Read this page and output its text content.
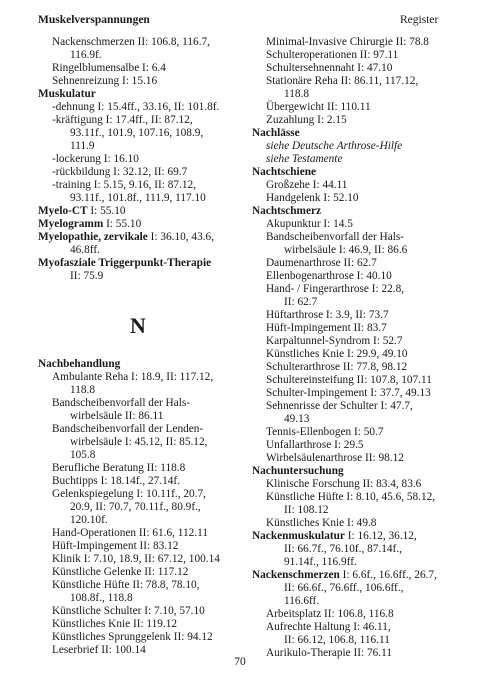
Muskelverspannungen	Register
Nackenschmerzen II: 106.8, 116.7,
116.9f.
Ringelblumensalbe I: 6.4
Sehnenreizung I: 15.16
Muskulatur
-dehnung I: 15.4ff., 33.16, II: 101.8f.
-kräftigung I: 17.4ff., II: 87.12,
93.11f., 101.9, 107.16, 108.9,
111.9
-lockerung I: 16.10
-rückbildung I: 32.12, II: 69.7
-training I: 5.15, 9.16, II: 87.12,
93.11f., 101.8f., 111.9, 117.10
Myelo-CT I: 55.10
Myelogramm I: 55.10
Myelopathie, zervikale I: 36.10, 43.6,
46.8ff.
Myofasziale Triggerpunkt-Therapie
II: 75.9
N
Nachbehandlung
Ambulante Reha I: 18.9, II: 117.12,
118.8
Bandscheibenvorfall der Hals-
wirbelsäule II: 86.11
Bandscheibenvorfall der Lenden-
wirbelsäule I: 45.12, II: 85.12,
105.8
Berufliche Beratung II: 118.8
Buchtipps I: 18.14f., 27.14f.
Gelenkspiegelung I: 10.11f., 20.7,
20.9, II: 70.7, 70.11f., 80.9f.,
120.10f.
Hand-Operationen II: 61.6, 112.11
Hüft-Impingement II: 83.12
Klinik I: 7.10, 18.9, II: 67.12, 100.14
Künstliche Gelenke II: 117.12
Künstliche Hüfte II: 78.8, 78.10,
108.8f., 118.8
Künstliche Schulter I: 7.10, 57.10
Künstliches Knie II: 119.12
Künstliches Sprunggelenk II: 94.12
Leserbrief II: 100.14
Minimal-Invasive Chirurgie II: 78.8
Schulteroperationen II: 97.11
Schultersehnennaht I: 47.10
Stationäre Reha II: 86.11, 117.12,
118.8
Übergewicht II: 110.11
Zuzahlung I: 2.15
Nachlässe
siehe Deutsche Arthrose-Hilfe
siehe Testamente
Nachtschiene
Großzehe I: 44.11
Handgelenk I: 52.10
Nachtschmerz
Akupunktur I: 14.5
Bandscheibenvorfall der Hals-
wirbelsäule I: 46.9, II: 86.6
Daumenarthrose II: 62.7
Ellenbogenarthrose I: 40.10
Hand- / Fingerarthrose I: 22.8,
II: 62.7
Hüftarthrose I: 3.9, II: 73.7
Hüft-Impingement II: 83.7
Karpaltunnel-Syndrom I: 52.7
Künstliches Knie I: 29.9, 49.10
Schulterarthrose II: 77.8, 98.12
Schultereinsteifung II: 107.8, 107.11
Schulter-Impingement I: 37.7, 49.13
Sehnenrisse der Schulter I: 47.7,
49.13
Tennis-Ellenbogen I: 50.7
Unfallarthrose I: 29.5
Wirbelsäulenarthrose II: 98.12
Nachuntersuchung
Klinische Forschung II: 83.4, 83.6
Künstliche Hüfte I: 8.10, 45.6, 58.12,
II: 108.12
Künstliches Knie I: 49.8
Nackenmuskulatur I: 16.12, 36.12,
II: 66.7f., 76.10f., 87.14f.,
91.14f., 116.9ff.
Nackenschmerzen I: 6.6f., 16.6ff., 26.7,
II: 66.6f., 76.6ff., 106.6ff.,
116.6ff.
Arbeitsplatz II: 106.8, 116.8
Aufrechte Haltung I: 46.11,
II: 66.12, 106.8, 116.11
Aurikulo-Therapie II: 76.11
70
